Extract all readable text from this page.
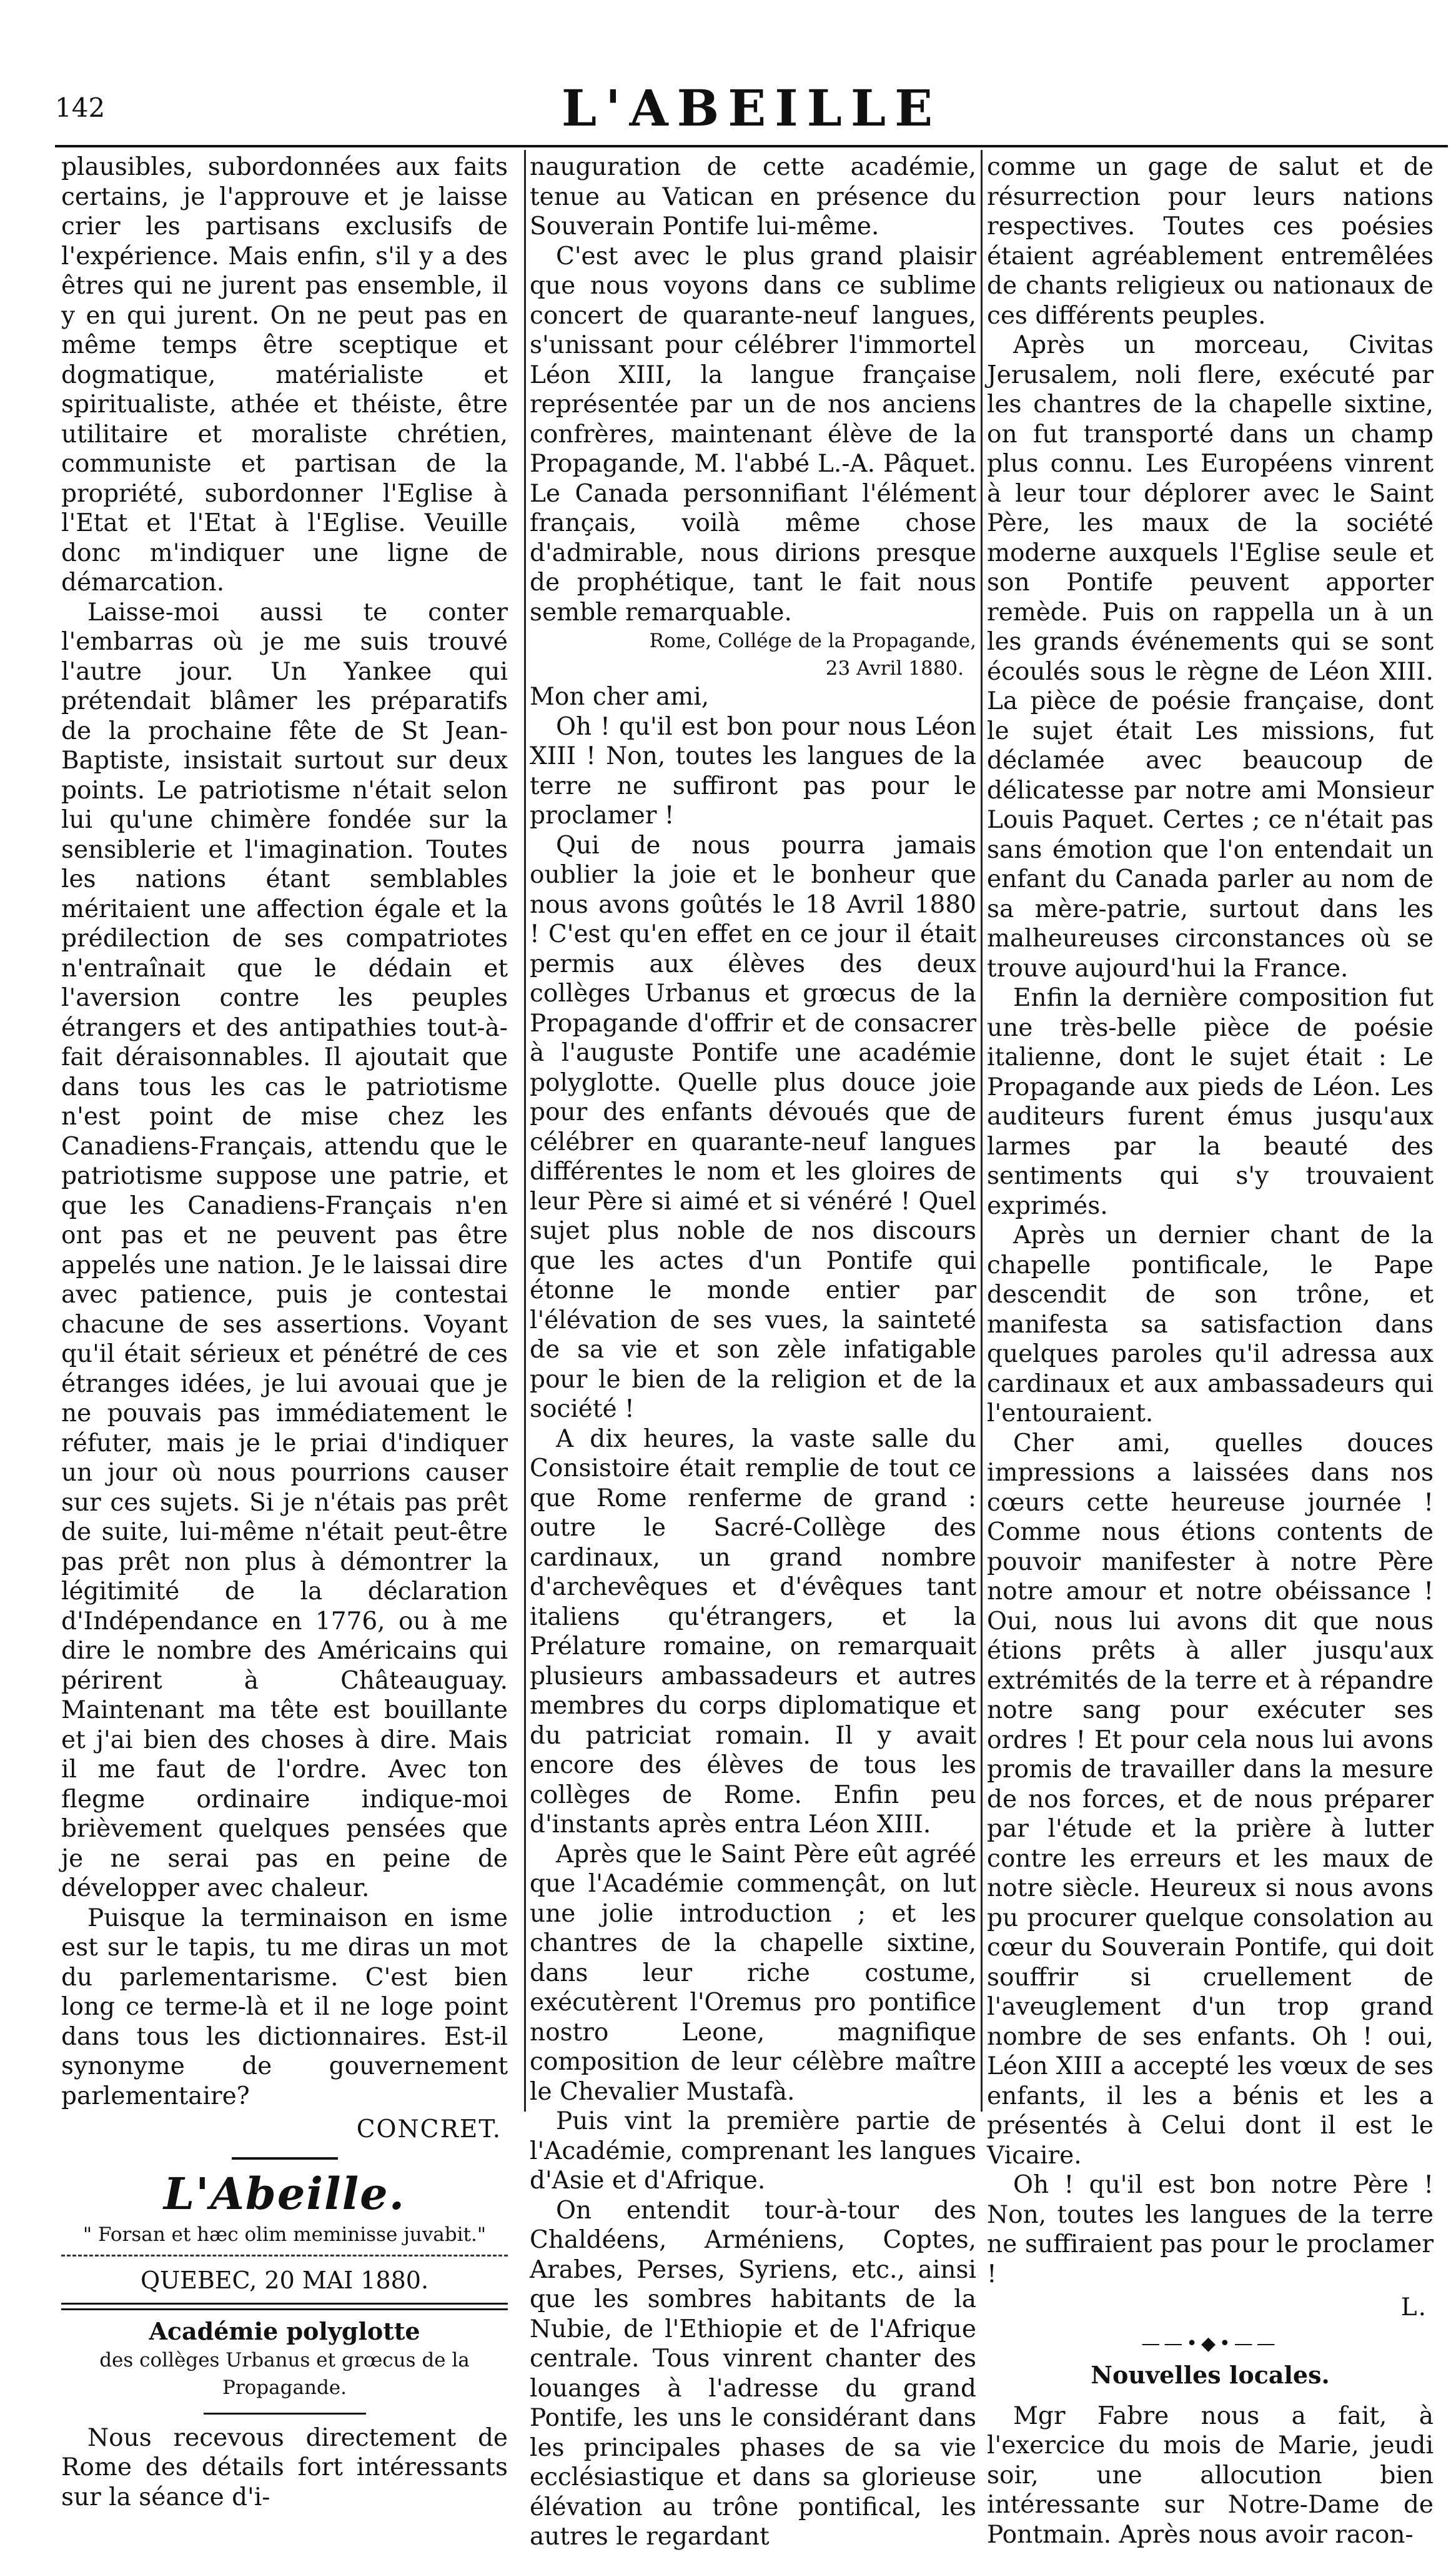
142	L'ABEILLE

plausibles, subordonnées aux faits certains, je l'approuve et je laisse crier les partisans exclusifs de l'expérience. Mais enfin, s'il y a des êtres qui ne jurent pas ensemble, il y en qui jurent. On ne peut pas en même temps être sceptique et dogmatique, matérialiste et spiritualiste, athée et théiste, être utilitaire et moraliste chrétien, communiste et partisan de la propriété, subordonner l'Eglise à l'Etat et l'Etat à l'Eglise. Veuille donc m'indiquer une ligne de démarcation.

Laisse-moi aussi te conter l'embarras où je me suis trouvé l'autre jour. Un Yankee qui prétendait blâmer les préparatifs de la prochaine fête de St Jean-Baptiste, insistait surtout sur deux points. Le patriotisme n'était selon lui qu'une chimère fondée sur la sensiblerie et l'imagination. Toutes les nations étant semblables méritaient une affection égale et la prédilection de ses compatriotes n'entraînait que le dédain et l'aversion contre les peuples étrangers et des antipathies tout-à-fait déraisonnables. Il ajoutait que dans tous les cas le patriotisme n'est point de mise chez les Canadiens-Français, attendu que le patriotisme suppose une patrie, et que les Canadiens-Français n'en ont pas et ne peuvent pas être appelés une nation. Je le laissai dire avec patience, puis je contestai chacune de ses assertions. Voyant qu'il était sérieux et pénétré de ces étranges idées, je lui avouai que je ne pouvais pas immédiatement le réfuter, mais je le priai d'indiquer un jour où nous pourrions causer sur ces sujets. Si je n'étais pas prêt de suite, lui-même n'était peut-être pas prêt non plus à démontrer la légitimité de la déclaration d'Indépendance en 1776, ou à me dire le nombre des Américains qui périrent à Châteauguay. Maintenant ma tête est bouillante et j'ai bien des choses à dire. Mais il me faut de l'ordre. Avec ton flegme ordinaire indique-moi brièvement quelques pensées que je ne serai pas en peine de développer avec chaleur.

Puisque la terminaison en isme est sur le tapis, tu me diras un mot du parlementarisme. C'est bien long ce terme-là et il ne loge point dans tous les dictionnaires. Est-il synonyme de gouvernement parlementaire?

CONCRET.
L'Abeille.
" Forsan et hæc olim meminisse juvabit."
QUEBEC, 20 MAI 1880.
Académie polyglotte
des collèges Urbanus et grœcus de la Propagande.

Nous recevous directement de Rome des détails fort intéressants sur la séance d'i-

nauguration de cette académie, tenue au Vatican en présence du Souverain Pontife lui-même.

C'est avec le plus grand plaisir que nous voyons dans ce sublime concert de quarante-neuf langues, s'unissant pour célébrer l'immortel Léon XIII, la langue française représentée par un de nos anciens confrères, maintenant élève de la Propagande, M. l'abbé L.-A. Pâquet. Le Canada personnifiant l'élément français, voilà même chose d'admirable, nous dirions presque de prophétique, tant le fait nous semble remarquable.

Rome, Collége de la Propagande,
23 Avril 1880.

Mon cher ami,

Oh ! qu'il est bon pour nous Léon XIII ! Non, toutes les langues de la terre ne suffiront pas pour le proclamer !

Qui de nous pourra jamais oublier la joie et le bonheur que nous avons goûtés le 18 Avril 1880 ! C'est qu'en effet en ce jour il était permis aux élèves des deux collèges Urbanus et grœcus de la Propagande d'offrir et de consacrer à l'auguste Pontife une académie polyglotte. Quelle plus douce joie pour des enfants dévoués que de célébrer en quarante-neuf langues différentes le nom et les gloires de leur Père si aimé et si vénéré ! Quel sujet plus noble de nos discours que les actes d'un Pontife qui étonne le monde entier par l'élévation de ses vues, la sainteté de sa vie et son zèle infatigable pour le bien de la religion et de la société !

A dix heures, la vaste salle du Consistoire était remplie de tout ce que Rome renferme de grand : outre le Sacré-Collège des cardinaux, un grand nombre d'archevêques et d'évêques tant italiens qu'étrangers, et la Prélature romaine, on remarquait plusieurs ambassadeurs et autres membres du corps diplomatique et du patriciat romain. Il y avait encore des élèves de tous les collèges de Rome. Enfin peu d'instants après entra Léon XIII.

Après que le Saint Père eût agréé que l'Académie commençât, on lut une jolie introduction ; et les chantres de la chapelle sixtine, dans leur riche costume, exécutèrent l'Oremus pro pontifice nostro Leone, magnifique composition de leur célèbre maître le Chevalier Mustafà.

Puis vint la première partie de l'Académie, comprenant les langues d'Asie et d'Afrique.

On entendit tour-à-tour des Chaldéens, Arméniens, Coptes, Arabes, Perses, Syriens, etc., ainsi que les sombres habitants de la Nubie, de l'Ethiopie et de l'Afrique centrale. Tous vinrent chanter des louanges à l'adresse du grand Pontife, les uns le considérant dans les principales phases de sa vie ecclésiastique et dans sa glorieuse élévation au trône pontifical, les autres le regardant

comme un gage de salut et de résurrection pour leurs nations respectives. Toutes ces poésies étaient agréablement entremêlées de chants religieux ou nationaux de ces différents peuples.

Après un morceau, Civitas Jerusalem, noli flere, exécuté par les chantres de la chapelle sixtine, on fut transporté dans un champ plus connu. Les Européens vinrent à leur tour déplorer avec le Saint Père, les maux de la société moderne auxquels l'Eglise seule et son Pontife peuvent apporter remède. Puis on rappella un à un les grands événements qui se sont écoulés sous le règne de Léon XIII. La pièce de poésie française, dont le sujet était Les missions, fut déclamée avec beaucoup de délicatesse par notre ami Monsieur Louis Paquet. Certes ; ce n'était pas sans émotion que l'on entendait un enfant du Canada parler au nom de sa mère-patrie, surtout dans les malheureuses circonstances où se trouve aujourd'hui la France.

Enfin la dernière composition fut une très-belle pièce de poésie italienne, dont le sujet était : Le Propagande aux pieds de Léon. Les auditeurs furent émus jusqu'aux larmes par la beauté des sentiments qui s'y trouvaient exprimés.

Après un dernier chant de la chapelle pontificale, le Pape descendit de son trône, et manifesta sa satisfaction dans quelques paroles qu'il adressa aux cardinaux et aux ambassadeurs qui l'entouraient.

Cher ami, quelles douces impressions a laissées dans nos cœurs cette heureuse journée ! Comme nous étions contents de pouvoir manifester à notre Père notre amour et notre obéissance ! Oui, nous lui avons dit que nous étions prêts à aller jusqu'aux extrémités de la terre et à répandre notre sang pour exécuter ses ordres ! Et pour cela nous lui avons promis de travailler dans la mesure de nos forces, et de nous préparer par l'étude et la prière à lutter contre les erreurs et les maux de notre siècle. Heureux si nous avons pu procurer quelque consolation au cœur du Souverain Pontife, qui doit souffrir si cruellement de l'aveuglement d'un trop grand nombre de ses enfants. Oh ! oui, Léon XIII a accepté les vœux de ses enfants, il les a bénis et les a présentés à Celui dont il est le Vicaire.

Oh ! qu'il est bon notre Père ! Non, toutes les langues de la terre ne suffiraient pas pour le proclamer !

L.
——•◆•——
Nouvelles locales.

Mgr Fabre nous a fait, à l'exercice du mois de Marie, jeudi soir, une allocution bien intéressante sur Notre-Dame de Pontmain. Après nous avoir racon-
